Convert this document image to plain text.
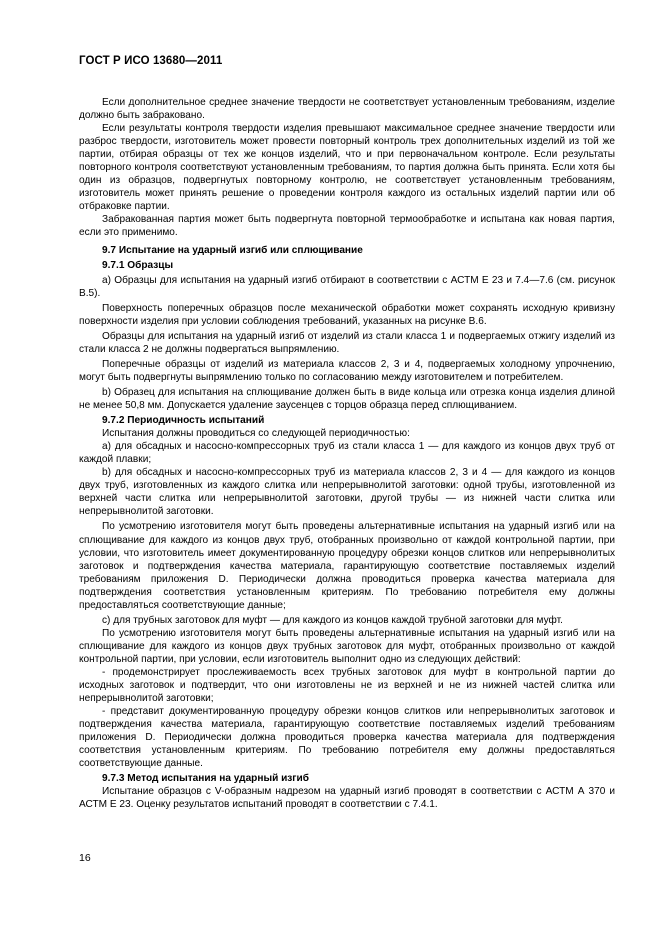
ГОСТ Р ИСО 13680—2011

Если дополнительное среднее значение твердости не соответствует установленным требованиям, изделие должно быть забраковано.

Если результаты контроля твердости изделия превышают максимальное среднее значение твердости или разброс твердости, изготовитель может провести повторный контроль трех дополнительных изделий из той же партии, отбирая образцы от тех же концов изделий, что и при первоначальном контроле. Если результаты повторного контроля соответствуют установленным требованиям, то партия должна быть принята. Если хотя бы один из образцов, подвергнутых повторному контролю, не соответствует установленным требованиям, изготовитель может принять решение о проведении контроля каждого из остальных изделий партии или об отбраковке партии.

Забракованная партия может быть подвергнута повторной термообработке и испытана как новая партия, если это применимо.

9.7 Испытание на ударный изгиб или сплющивание

9.7.1 Образцы

a) Образцы для испытания на ударный изгиб отбирают в соответствии с АСТМ Е 23 и 7.4—7.6 (см. рисунок В.5).

Поверхность поперечных образцов после механической обработки может сохранять исходную кривизну поверхности изделия при условии соблюдения требований, указанных на рисунке В.6.

Образцы для испытания на ударный изгиб от изделий из стали класса 1 и подвергаемых отжигу изделий из стали класса 2 не должны подвергаться выпрямлению.

Поперечные образцы от изделий из материала классов 2, 3 и 4, подвергаемых холодному упрочнению, могут быть подвергнуты выпрямлению только по согласованию между изготовителем и потребителем.

b) Образец для испытания на сплющивание должен быть в виде кольца или отрезка конца изделия длиной не менее 50,8 мм. Допускается удаление заусенцев с торцов образца перед сплющиванием.

9.7.2 Периодичность испытаний

Испытания должны проводиться со следующей периодичностью:

a) для обсадных и насосно-компрессорных труб из стали класса 1 — для каждого из концов двух труб от каждой плавки;

b) для обсадных и насосно-компрессорных труб из материала классов 2, 3 и 4 — для каждого из концов двух труб, изготовленных из каждого слитка или непрерывнолитой заготовки: одной трубы, изготовленной из верхней части слитка или непрерывнолитой заготовки, другой трубы — из нижней части слитка или непрерывнолитой заготовки.

По усмотрению изготовителя могут быть проведены альтернативные испытания на ударный изгиб или на сплющивание для каждого из концов двух труб, отобранных произвольно от каждой контрольной партии, при условии, что изготовитель имеет документированную процедуру обрезки концов слитков или непрерывнолитых заготовок и подтверждения качества материала, гарантирующую соответствие поставляемых изделий требованиям приложения D. Периодически должна проводиться проверка качества материала для подтверждения соответствия установленным критериям. По требованию потребителя ему должны предоставляться соответствующие данные;

c) для трубных заготовок для муфт — для каждого из концов каждой трубной заготовки для муфт.

По усмотрению изготовителя могут быть проведены альтернативные испытания на ударный изгиб или на сплющивание для каждого из концов двух трубных заготовок для муфт, отобранных произвольно от каждой контрольной партии, при условии, если изготовитель выполнит одно из следующих действий:

- продемонстрирует прослеживаемость всех трубных заготовок для муфт в контрольной партии до исходных заготовок и подтвердит, что они изготовлены не из верхней и не из нижней частей слитка или непрерывнолитой заготовки;

- представит документированную процедуру обрезки концов слитков или непрерывнолитых заготовок и подтверждения качества материала, гарантирующую соответствие поставляемых изделий требованиям приложения D. Периодически должна проводиться проверка качества материала для подтверждения соответствия установленным критериям. По требованию потребителя ему должны предоставляться соответствующие данные.

9.7.3 Метод испытания на ударный изгиб

Испытание образцов с V-образным надрезом на ударный изгиб проводят в соответствии с АСТМ А 370 и АСТМ Е 23. Оценку результатов испытаний проводят в соответствии с 7.4.1.

16
